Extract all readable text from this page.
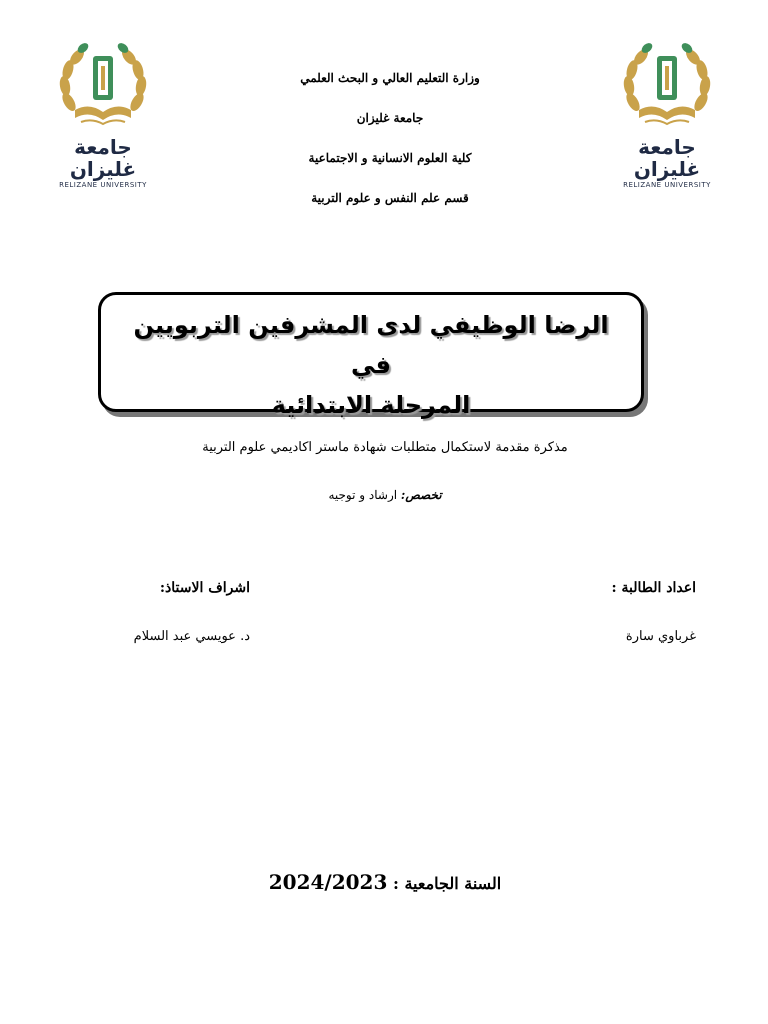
جامعة غليزان
RELIZANE UNIVERSITY
جامعة غليزان
RELIZANE UNIVERSITY
وزارة التعليم العالي و البحث العلمي
جامعة غليزان
كلية العلوم الانسانية و الاجتماعية
قسم علم النفس و علوم التربية
الرضا الوظيفي لدى المشرفين التربويين في
المرحلة الابتدائية
مذكرة مقدمة لاستكمال متطلبات شهادة ماستر اكاديمي علوم التربية
تخصص: ارشاد و توجيه
اعداد الطالبة :
غرباوي سارة
اشراف الاستاذ:
د. عويسي عبد السلام
السنة الجامعية : 2024/2023
